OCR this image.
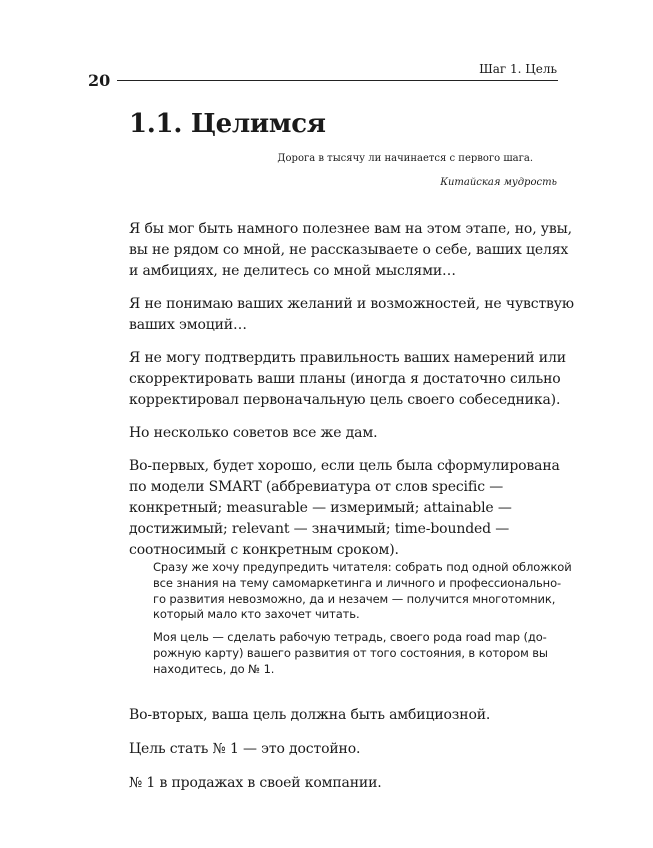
20
Шаг 1. Цель
1.1. Целимся
Дорога в тысячу ли начинается с первого шага.
Китайская мудрость

Я бы мог быть намного полезнее вам на этом этапе, но, увы,
вы не рядом со мной, не рассказываете о себе, ваших целях
и амбициях, не делитесь со мной мыслями…

Я не понимаю ваших желаний и возможностей, не чувствую
ваших эмоций…

Я не могу подтвердить правильность ваших намерений или
скорректировать ваши планы (иногда я достаточно сильно
корректировал первоначальную цель своего собеседника).

Но несколько советов все же дам.

Во-первых, будет хорошо, если цель была сформулирована
по модели SMART (аббревиатура от слов specific —
конкретный; measurable — измеримый; attainable —
достижимый; relevant — значимый; time-bounded —
соотносимый с конкретным сроком).

Сразу же хочу предупредить читателя: собрать под одной обложкой
все знания на тему самомаркетинга и личного и профессионально-
го развития невозможно, да и незачем — получится многотомник,
который мало кто захочет читать.

Моя цель — сделать рабочую тетрадь, своего рода road map (до-
рожную карту) вашего развития от того состояния, в котором вы
находитесь, до № 1.

Во-вторых, ваша цель должна быть амбициозной.

Цель стать № 1 — это достойно.

№ 1 в продажах в своей компании.
